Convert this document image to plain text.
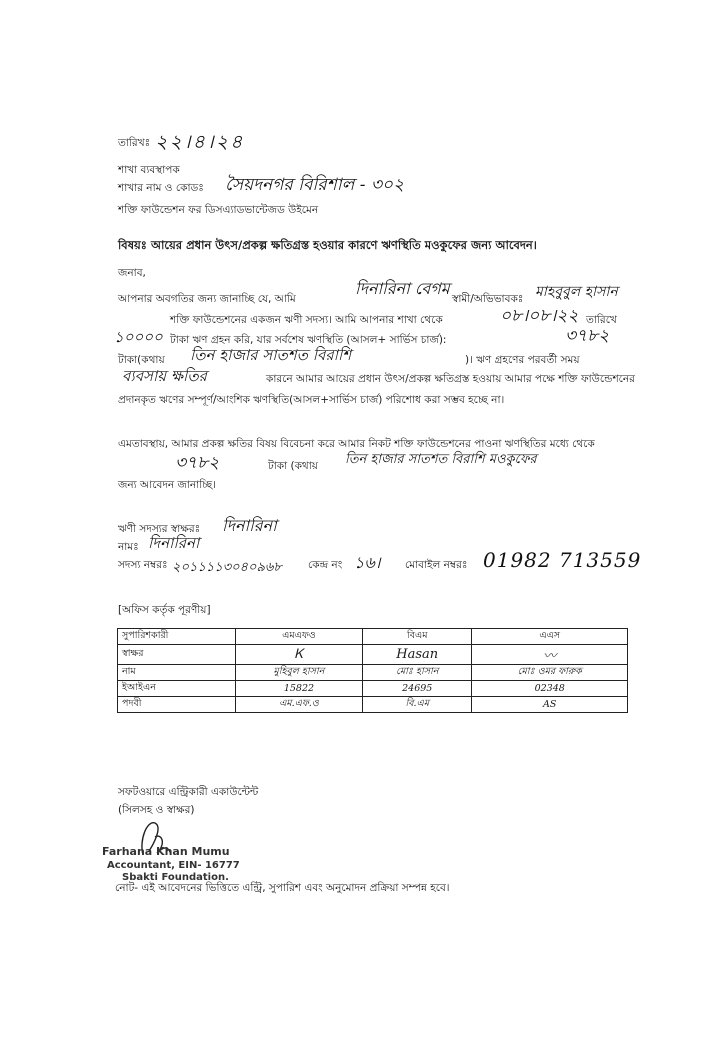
তারিখঃ ২২।৪।২৪
শাখা ব্যবস্থাপক
শাখার নাম ও কোডঃ সৈয়দনগর বিরিশাল - ৩০২
শক্তি ফাউন্ডেশন ফর ডিসএ্যাডভান্টেজড উইমেন
বিষয়ঃ আয়ের প্রধান উৎস/প্রকল্প ক্ষতিগ্রস্ত হওয়ার কারণে ঋণস্থিতি মওকুফের জন্য আবেদন।
জনাব,
আপনার অবগতির জন্য জানাচ্ছি যে, আমি
দিনারিনা বেগম
স্বামী/অভিভাবকঃ মাহবুবুল হাসান
শক্তি ফাউন্ডেশনের একজন ঋণী সদস্য। আমি আপনার শাখা থেকে	০৮।০৮।২২ তারিখে
১০০০০ টাকা ঋণ গ্রহন করি, যার সর্বশেষ ঋণস্থিতি (আসল+ সার্ভিস চার্জ):	৩৭৮২
টাকা(কথায় তিন হাজার সাতশত বিরাশি	)। ঋণ গ্রহণের পরবর্তী সময়
ব্যবসায় ক্ষতির	কারনে আমার আয়ের প্রধান উৎস/প্রকল্প ক্ষতিগ্রস্ত হওয়ায় আমার পক্ষে শক্তি ফাউন্ডেশনের প্রদানকৃত ঋণের সম্পূর্ণ/আংশিক ঋণস্থিতি(আসল+সার্ভিস চার্জ) পরিশোধ করা সম্ভব হচ্ছে না।
এমতাবস্থায়, আমার প্রকল্প ক্ষতির বিষয় বিবেচনা করে আমার নিকট শক্তি ফাউন্ডেশনের পাওনা ঋণস্থিতির মধ্যে থেকে
৩৭৮২	টাকা (কথায় তিন হাজার সাতশত বিরাশি মওকুফের
জন্য আবেদন জানাচ্ছি।
ঋণী সদস্যর স্বাক্ষরঃ দিনারিনা
নামঃ দিনারিনা
সদস্য নম্বরঃ ২০১১১১৩০৪০৯৬৮ কেন্দ্র নং ১৬। মোবাইল নম্বরঃ 01982 713559
[অফিস কর্তৃক পূরণীয়]
সুপারিশকারী	এমএফও	বিএম	এএস
স্বাক্ষর	Ꮶ	Hasan	〰
নাম	মুহিবুল হাসান	মোঃ হাসান	মোঃ ওমর ফারুক
ইআইএন	15822	24695	02348
পদবী	এম.এফ.ও	বি.এম	AS
সফটওয়ারে এন্ট্রিকারী একাউন্টেন্ট
(সিলসহ ও স্বাক্ষর)
Farhana Khan Mumu
Accountant, EIN- 16777
Sbakti Foundation.
নোট- এই আবেদনের ভিত্তিতে এন্ট্রি, সুপারিশ এবং অনুমোদন প্রক্রিয়া সম্পন্ন হবে।
